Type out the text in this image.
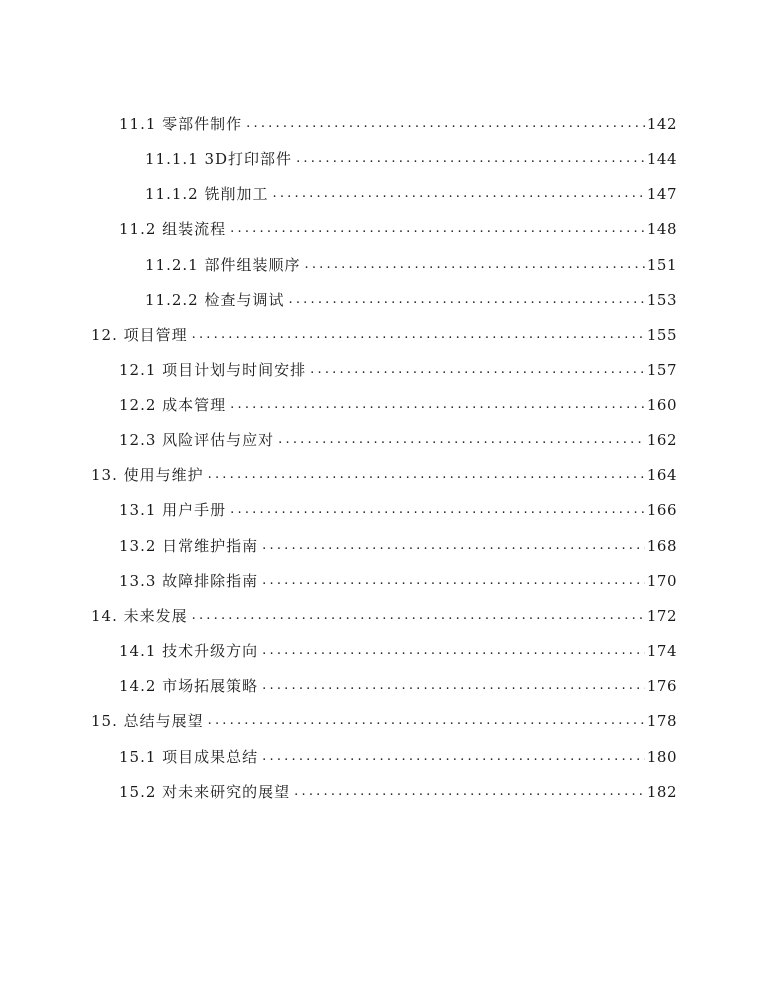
11.1 零部件制作 .....	142
11.1.1 3D打印部件 .....	144
11.1.2 铣削加工 .....	147
11.2 组装流程 .....	148
11.2.1 部件组装顺序 .....	151
11.2.2 检查与调试 .....	153
12. 项目管理 .....	155
12.1 项目计划与时间安排 .....	157
12.2 成本管理 .....	160
12.3 风险评估与应对 .....	162
13. 使用与维护 .....	164
13.1 用户手册 .....	166
13.2 日常维护指南 .....	168
13.3 故障排除指南 .....	170
14. 未来发展 .....	172
14.1 技术升级方向 .....	174
14.2 市场拓展策略 .....	176
15. 总结与展望 .....	178
15.1 项目成果总结 .....	180
15.2 对未来研究的展望 .....	182
